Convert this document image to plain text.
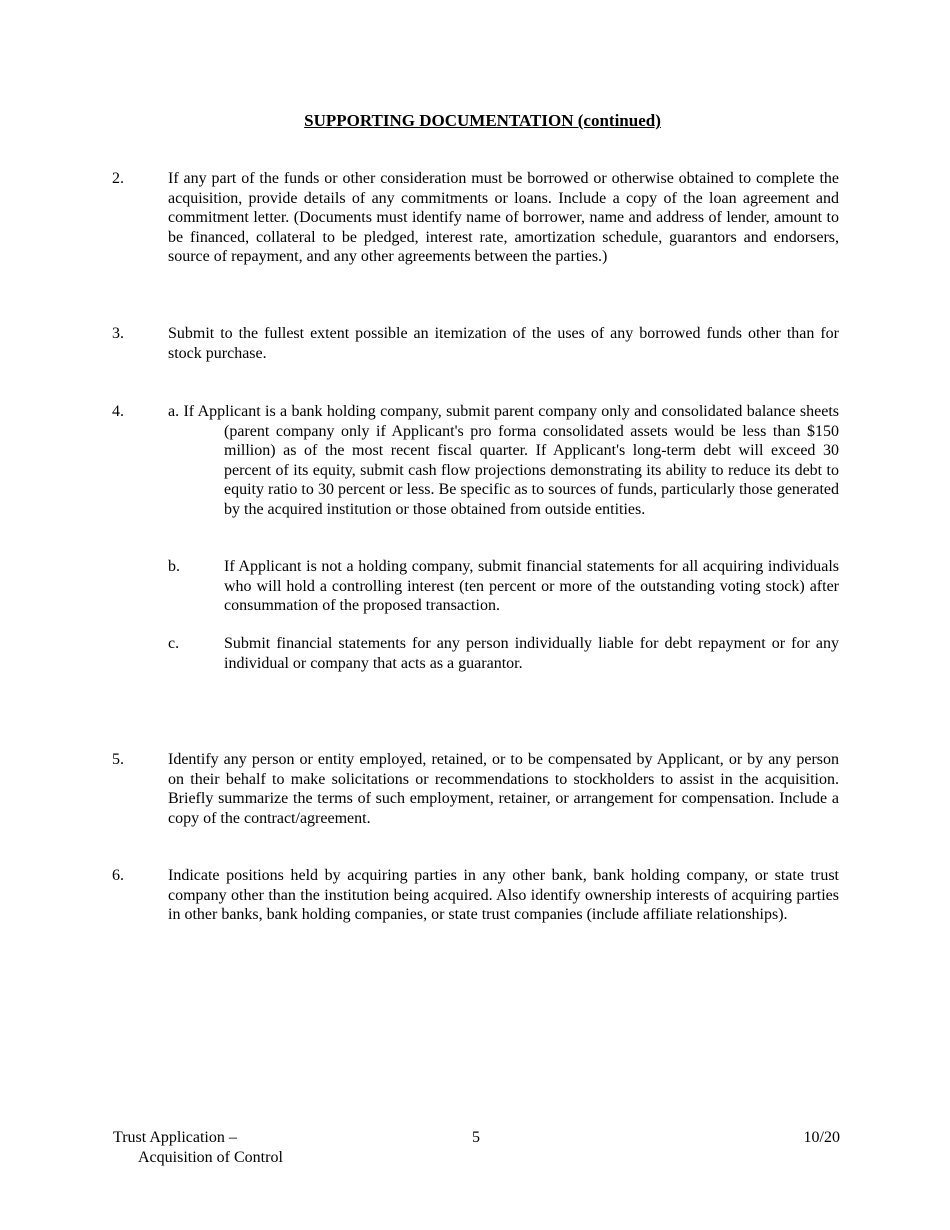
SUPPORTING DOCUMENTATION (continued)
2.	If any part of the funds or other consideration must be borrowed or otherwise obtained to complete the acquisition, provide details of any commitments or loans. Include a copy of the loan agreement and commitment letter. (Documents must identify name of borrower, name and address of lender, amount to be financed, collateral to be pledged, interest rate, amortization schedule, guarantors and endorsers, source of repayment, and any other agreements between the parties.)
3.	Submit to the fullest extent possible an itemization of the uses of any borrowed funds other than for stock purchase.
4.	a. If Applicant is a bank holding company, submit parent company only and consolidated balance sheets (parent company only if Applicant's pro forma consolidated assets would be less than $150 million) as of the most recent fiscal quarter. If Applicant's long-term debt will exceed 30 percent of its equity, submit cash flow projections demonstrating its ability to reduce its debt to equity ratio to 30 percent or less. Be specific as to sources of funds, particularly those generated by the acquired institution or those obtained from outside entities.
b.	If Applicant is not a holding company, submit financial statements for all acquiring individuals who will hold a controlling interest (ten percent or more of the outstanding voting stock) after consummation of the proposed transaction.
c.	Submit financial statements for any person individually liable for debt repayment or for any individual or company that acts as a guarantor.
5.	Identify any person or entity employed, retained, or to be compensated by Applicant, or by any person on their behalf to make solicitations or recommendations to stockholders to assist in the acquisition. Briefly summarize the terms of such employment, retainer, or arrangement for compensation. Include a copy of the contract/agreement.
6.	Indicate positions held by acquiring parties in any other bank, bank holding company, or state trust company other than the institution being acquired. Also identify ownership interests of acquiring parties in other banks, bank holding companies, or state trust companies (include affiliate relationships).
Trust Application –
Acquisition of Control
5	10/20
